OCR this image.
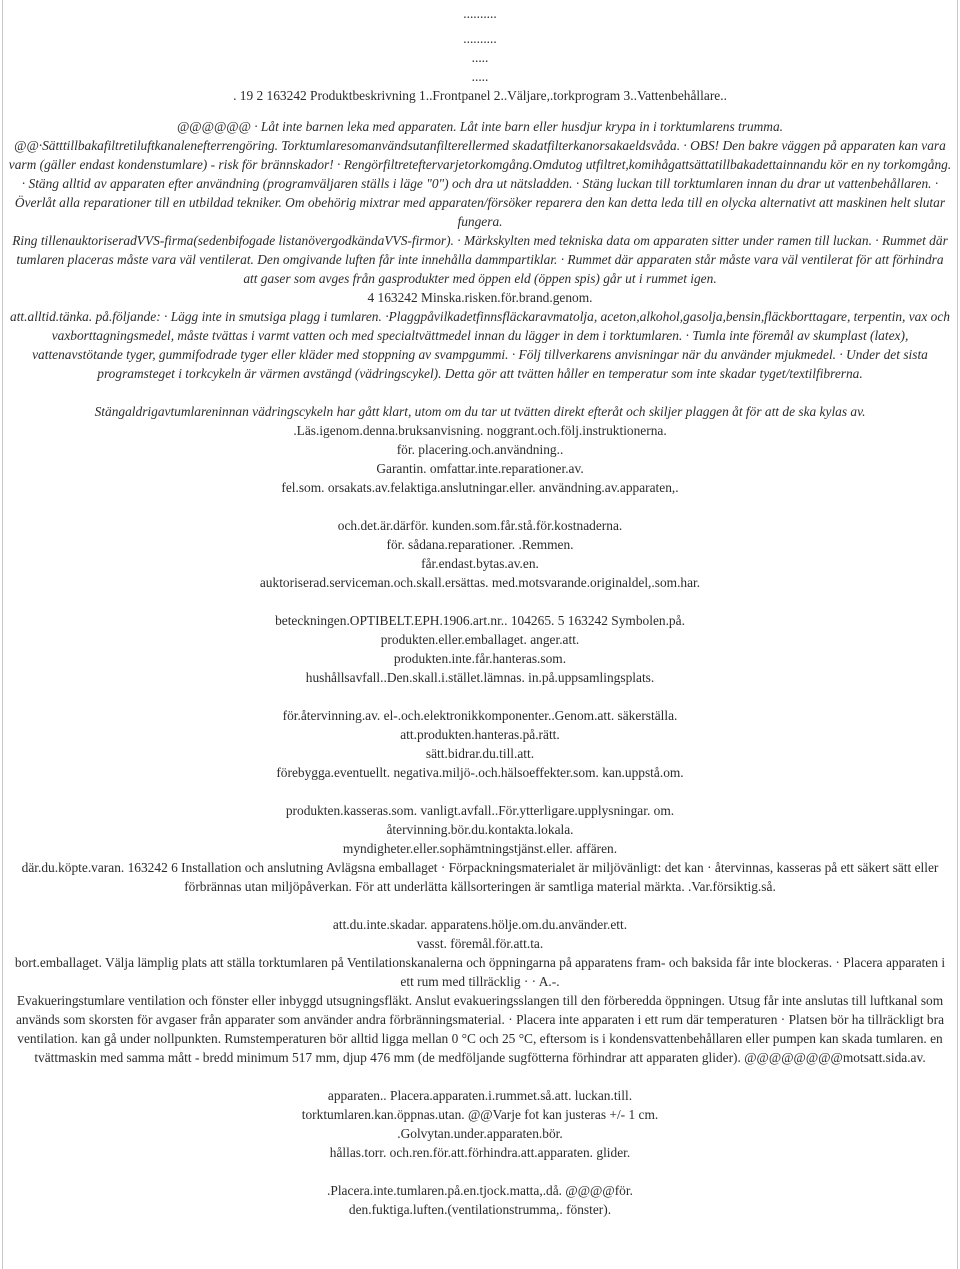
..........

..........

.....

.....

. 19 2 163242 Produktbeskrivning 1..Frontpanel 2..Väljare,.torkprogram 3..Vattenbehållare..

@@@@@@ · Låt inte barnen leka med apparaten. Låt inte barn eller husdjur krypa in i torktumlarens trumma.

@@·Sätttillbakafiltretiluftkanalenefterrengöring. Torktumlaresomanvändsutanfilterellermed skadatfilterkanorsakaeldsvåda. · OBS! Den bakre väggen på apparaten kan vara varm (gäller endast kondenstumlare) - risk för brännskador! · Rengörfiltreteftervarjetorkomgång.Omdutog utfiltret,komihågattsättatillbakadettainnandu kör en ny torkomgång. · Stäng alltid av apparaten efter användning (programväljaren ställs i läge "0") och dra ut nätsladden. · Stäng luckan till torktumlaren innan du drar ut vattenbehållaren. · Överlåt alla reparationer till en utbildad tekniker. Om obehörig mixtrar med apparaten/försöker reparera den kan detta leda till en olycka alternativt att maskinen helt slutar fungera.

Ring tillenauktoriseradVVS-firma(sedenbifogade listanövergodkändaVVS-firmor). · Märkskylten med tekniska data om apparaten sitter under ramen till luckan. · Rummet där tumlaren placeras måste vara väl ventilerat. Den omgivande luften får inte innehålla dammpartiklar. · Rummet där apparaten står måste vara väl ventilerat för att förhindra att gaser som avges från gasprodukter med öppen eld (öppen spis) går ut i rummet igen.

4 163242 Minska.risken.för.brand.genom.

att.alltid.tänka. på.följande: · Lägg inte in smutsiga plagg i tumlaren. ·Plaggpåvilkadetfinnsfläckaravmatolja, aceton,alkohol,gasolja,bensin,fläckborttagare, terpentin, vax och vaxborttagningsmedel, måste tvättas i varmt vatten och med specialtvättmedel innan du lägger in dem i torktumlaren. · Tumla inte föremål av skumplast (latex), vattenavstötande tyger, gummifodrade tyger eller kläder med stoppning av svampgummi. · Följ tillverkarens anvisningar när du använder mjukmedel. · Under det sista programsteget i torkcykeln är värmen avstängd (vädringscykel). Detta gör att tvätten håller en temperatur som inte skadar tyget/textilfibrerna.

Stängaldrigavtumlareninnan vädringscykeln har gått klart, utom om du tar ut tvätten direkt efteråt och skiljer plaggen åt för att de ska kylas av.

.Läs.igenom.denna.bruksanvisning. noggrant.och.följ.instruktionerna.

för. placering.och.användning..

Garantin. omfattar.inte.reparationer.av.

fel.som. orsakats.av.felaktiga.anslutningar.eller. användning.av.apparaten,.

och.det.är.därför. kunden.som.får.stå.för.kostnaderna.

för. sådana.reparationer. .Remmen.

får.endast.bytas.av.en.

auktoriserad.serviceman.och.skall.ersättas. med.motsvarande.originaldel,.som.har.

beteckningen.OPTIBELT.EPH.1906.art.nr.. 104265. 5 163242 Symbolen.på.

produkten.eller.emballaget. anger.att.

produkten.inte.får.hanteras.som.

hushållsavfall..Den.skall.i.stället.lämnas. in.på.uppsamlingsplats.

för.återvinning.av. el-.och.elektronikkomponenter..Genom.att. säkerställa.

att.produkten.hanteras.på.rätt.

sätt.bidrar.du.till.att.

förebygga.eventuellt. negativa.miljö-.och.hälsoeffekter.som. kan.uppstå.om.

produkten.kasseras.som. vanligt.avfall..För.ytterligare.upplysningar. om.

återvinning.bör.du.kontakta.lokala.

myndigheter.eller.sophämtningstjänst.eller. affären.

där.du.köpte.varan. 163242 6 Installation och anslutning Avlägsna emballaget · Förpackningsmaterialet är miljövänligt: det kan · återvinnas, kasseras på ett säkert sätt eller förbrännas utan miljöpåverkan. För att underlätta källsorteringen är samtliga material märkta. .Var.försiktig.så.

att.du.inte.skadar. apparatens.hölje.om.du.använder.ett.

vasst. föremål.för.att.ta.

bort.emballaget. Välja lämplig plats att ställa torktumlaren på Ventilationskanalerna och öppningarna på apparatens fram- och baksida får inte blockeras. · Placera apparaten i ett rum med tillräcklig · · A.-.

Evakueringstumlare ventilation och fönster eller inbyggd utsugningsfläkt. Anslut evakueringsslangen till den förberedda öppningen. Utsug får inte anslutas till luftkanal som används som skorsten för avgaser från apparater som använder andra förbränningsmaterial. · Placera inte apparaten i ett rum där temperaturen · Platsen bör ha tillräckligt bra ventilation. kan gå under nollpunkten. Rumstemperaturen bör alltid ligga mellan 0 °C och 25 °C, eftersom is i kondensvattenbehållaren eller pumpen kan skada tumlaren. en tvättmaskin med samma mått - bredd minimum 517 mm, djup 476 mm (de medföljande sugfötterna förhindrar att apparaten glider). @@@@@@@@motsatt.sida.av.

apparaten.. Placera.apparaten.i.rummet.så.att. luckan.till.

torktumlaren.kan.öppnas.utan. @@Varje fot kan justeras +/- 1 cm.

.Golvytan.under.apparaten.bör.

hållas.torr. och.ren.för.att.förhindra.att.apparaten. glider.

.Placera.inte.tumlaren.på.en.tjock.matta,.då. @@@@för.

den.fuktiga.luften.(ventilationstrumma,. fönster).
